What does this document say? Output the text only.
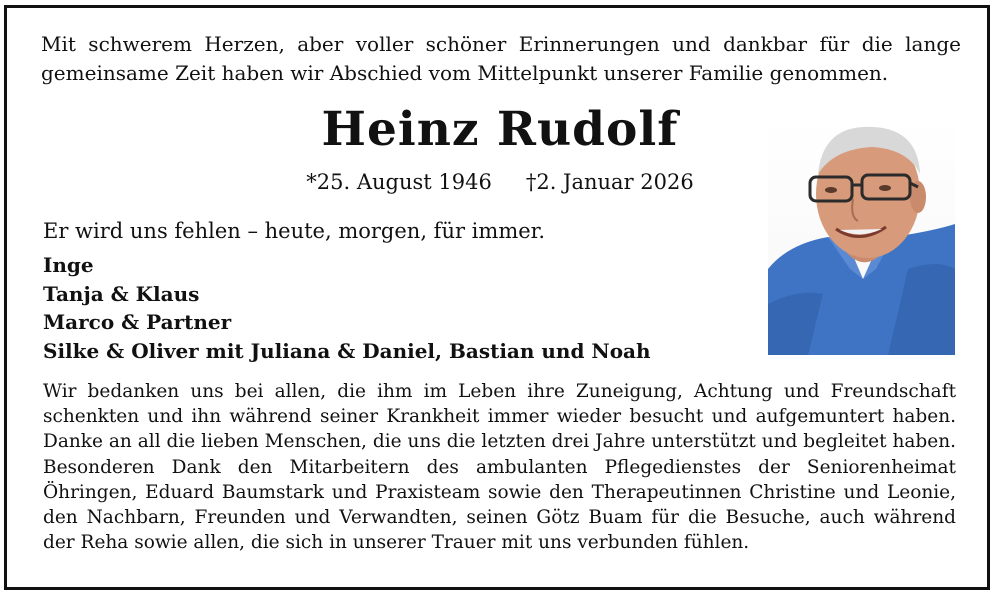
Mit schwerem Herzen, aber voller schöner Erinnerungen und dankbar für die lange gemeinsame Zeit haben wir Abschied vom Mittelpunkt unserer Familie genommen.
Heinz Rudolf
*25. August 1946 †2. Januar 2026
Er wird uns fehlen – heute, morgen, für immer.
Inge
Tanja & Klaus
Marco & Partner
Silke & Oliver mit Juliana & Daniel, Bastian und Noah
Wir bedanken uns bei allen, die ihm im Leben ihre Zuneigung, Achtung und Freundschaft schenkten und ihn während seiner Krankheit immer wieder besucht und aufgemuntert haben. Danke an all die lieben Menschen, die uns die letzten drei Jahre unterstützt und begleitet haben. Besonderen Dank den Mitarbeitern des ambulanten Pflegedienstes der Seniorenheimat Öhringen, Eduard Baumstark und Praxisteam sowie den Therapeutinnen Christine und Leonie, den Nachbarn, Freunden und Verwandten, seinen Götz Buam für die Besuche, auch während der Reha sowie allen, die sich in unserer Trauer mit uns verbunden fühlen.
